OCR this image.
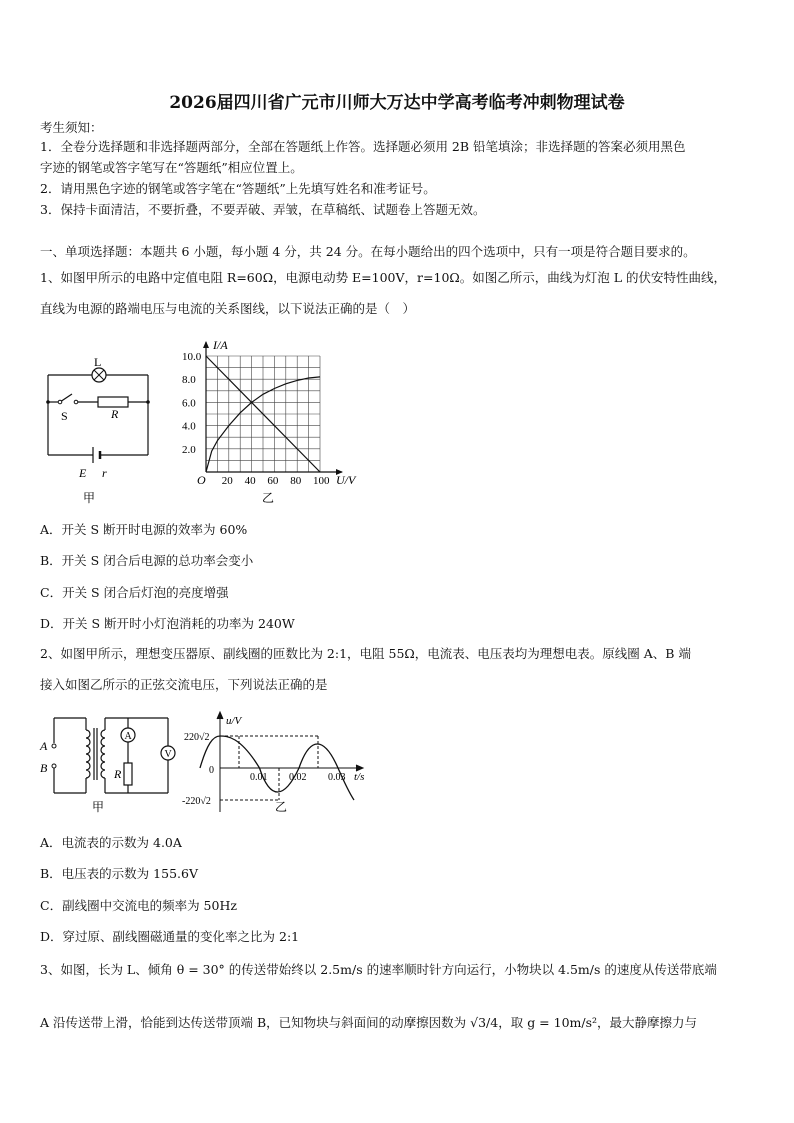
2026届四川省广元市川师大万达中学高考临考冲刺物理试卷
考生须知：
1．全卷分选择题和非选择题两部分，全部在答题纸上作答。选择题必须用 2B 铅笔填涂；非选择题的答案必须用黑色
字迹的钢笔或答字笔写在“答题纸”相应位置上。
2．请用黑色字迹的钢笔或答字笔在“答题纸”上先填写姓名和准考证号。
3．保持卡面清洁，不要折叠，不要弄破、弄皱，在草稿纸、试题卷上答题无效。
一、单项选择题：本题共 6 小题，每小题 4 分，共 24 分。在每小题给出的四个选项中，只有一项是符合题目要求的。
1、如图甲所示的电路中定值电阻 R=60Ω，电源电动势 E=100V，r=10Ω。如图乙所示，曲线为灯泡 L 的伏安特性曲线，
直线为电源的路端电压与电流的关系图线，以下说法正确的是（　）
L
S	R
E r
甲
10.0
8.0
6.0
4.0
2.0
20 40 60 80 100
I/A
U/V
O
乙
A．开关 S 断开时电源的效率为 60%
B．开关 S 闭合后电源的总功率会变小
C．开关 S 闭合后灯泡的亮度增强
D．开关 S 断开时小灯泡消耗的功率为 240W
2、如图甲所示，理想变压器原、副线圈的匝数比为 2:1，电阻 55Ω，电流表、电压表均为理想电表。原线圈 A、B 端
接入如图乙所示的正弦交流电压，下列说法正确的是
A
V
A
B	R
甲
u/V
220√2
-220√2
0
0.01 0.02 0.03 t/s
乙
A．电流表的示数为 4.0A
B．电压表的示数为 155.6V
C．副线圈中交流电的频率为 50Hz
D．穿过原、副线圈磁通量的变化率之比为 2:1
3、如图，长为 L、倾角 θ = 30° 的传送带始终以 2.5m/s 的速率顺时针方向运行，小物块以 4.5m/s 的速度从传送带底端
A 沿传送带上滑，恰能到达传送带顶端 B，已知物块与斜面间的动摩擦因数为 √3/4，取 g = 10m/s²，最大静摩擦力与
